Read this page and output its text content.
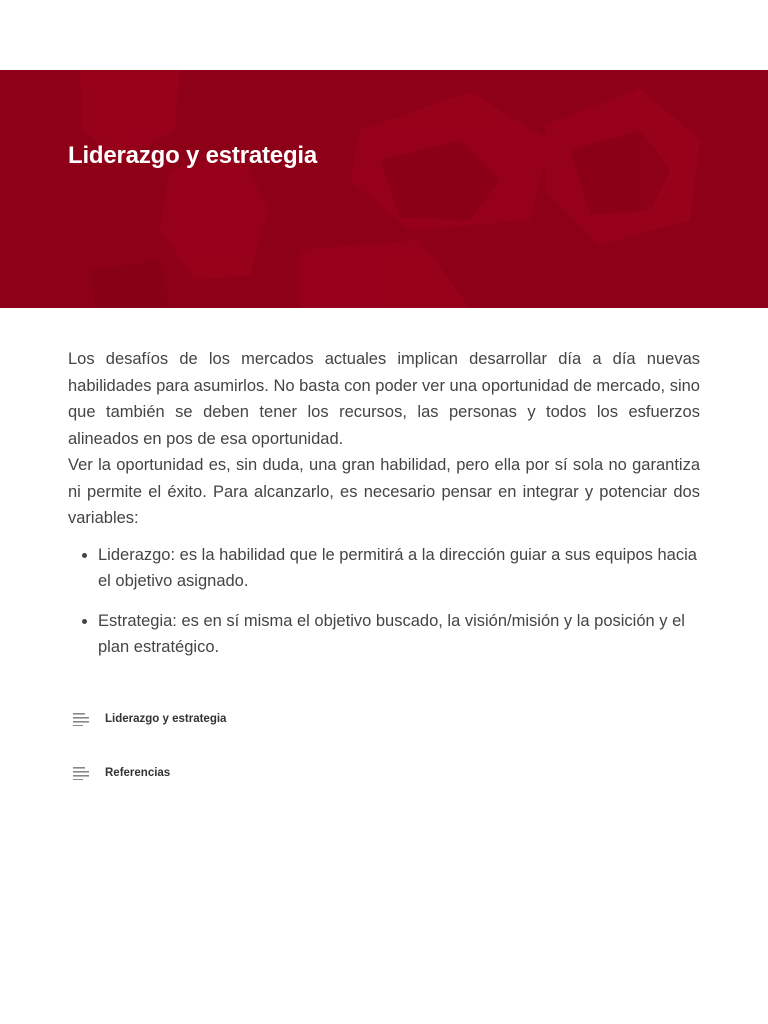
Liderazgo y estrategia

Los desafíos de los mercados actuales implican desarrollar día a día nuevas habilidades para asumirlos. No basta con poder ver una oportunidad de mercado, sino que también se deben tener los recursos, las personas y todos los esfuerzos alineados en pos de esa oportunidad.

Ver la oportunidad es, sin duda, una gran habilidad, pero ella por sí sola no garantiza ni permite el éxito. Para alcanzarlo, es necesario pensar en integrar y potenciar dos variables:

• Liderazgo: es la habilidad que le permitirá a la dirección guiar a sus equipos hacia el objetivo asignado.
• Estrategia: es en sí misma el objetivo buscado, la visión/misión y la posición y el plan estratégico.
Liderazgo y estrategia
Referencias
